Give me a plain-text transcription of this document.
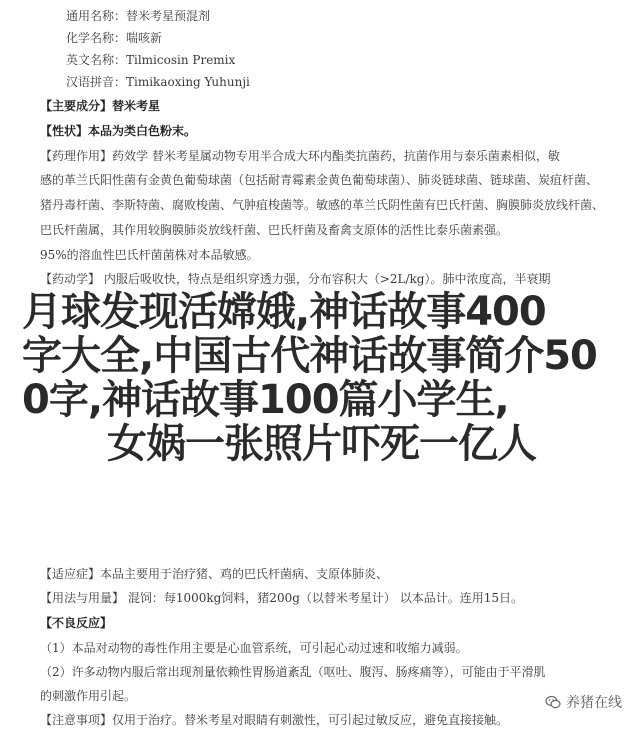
通用名称：替米考星预混剂
化学名称：喘咳新
英文名称：Tilmicosin Premix
汉语拼音：Timikaoxing Yuhunji
【主要成分】替米考星
【性状】本品为类白色粉末。
【药理作用】药效学 替米考星属动物专用半合成大环内酯类抗菌药，抗菌作用与泰乐菌素相似，敏
感的革兰氏阳性菌有金黄色葡萄球菌（包括耐青霉素金黄色葡萄球菌）、肺炎链球菌、链球菌、炭疽杆菌、
猪丹毒杆菌、李斯特菌、腐败梭菌、气肿疽梭菌等。敏感的革兰氏阴性菌有巴氏杆菌、胸膜肺炎放线杆菌、
巴氏杆菌属，其作用较胸膜肺炎放线杆菌、巴氏杆菌及畜禽支原体的活性比泰乐菌素强。
95%的溶血性巴氏杆菌菌株对本品敏感。
【药动学】 内服后吸收快，特点是组织穿透力强，分布容积大（>2L/kg）。肺中浓度高，半衰期
【适应症】本品主要用于治疗猪、鸡的巴氏杆菌病、支原体肺炎、
【用法与用量】 混饲：每1000kg饲料，猪200g（以替米考星计） 以本品计。连用15日。
【不良反应】
（1）本品对动物的毒性作用主要是心血管系统，可引起心动过速和收缩力减弱。
（2）许多动物内服后常出现剂量依赖性胃肠道紊乱（呕吐、腹泻、肠疼痛等），可能由于平滑肌
的刺激作用引起。
【注意事项】仅用于治疗。替米考星对眼睛有刺激性，可引起过敏反应，避免直接接触。
月球发现活嫦娥,神话故事400
字大全,中国古代神话故事简介50
0字,神话故事100篇小学生,
女娲一张照片吓死一亿人
养猪在线
